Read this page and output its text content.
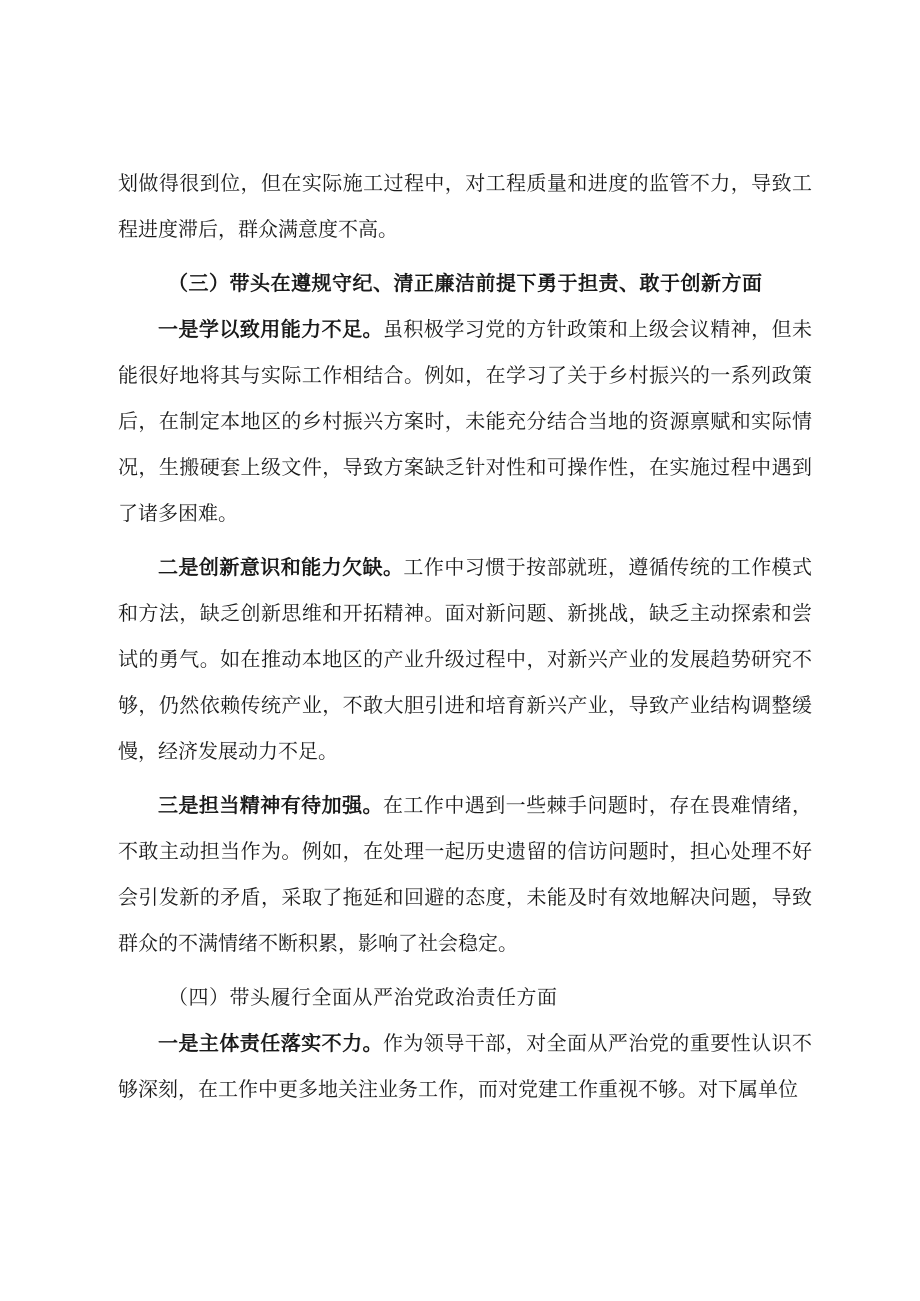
划做得很到位，但在实际施工过程中，对工程质量和进度的监管不力，导致工程进度滞后，群众满意度不高。

（三）带头在遵规守纪、清正廉洁前提下勇于担责、敢于创新方面

一是学以致用能力不足。虽积极学习党的方针政策和上级会议精神，但未能很好地将其与实际工作相结合。例如，在学习了关于乡村振兴的一系列政策后，在制定本地区的乡村振兴方案时，未能充分结合当地的资源禀赋和实际情况，生搬硬套上级文件，导致方案缺乏针对性和可操作性，在实施过程中遇到了诸多困难。

二是创新意识和能力欠缺。工作中习惯于按部就班，遵循传统的工作模式和方法，缺乏创新思维和开拓精神。面对新问题、新挑战，缺乏主动探索和尝试的勇气。如在推动本地区的产业升级过程中，对新兴产业的发展趋势研究不够，仍然依赖传统产业，不敢大胆引进和培育新兴产业，导致产业结构调整缓慢，经济发展动力不足。

三是担当精神有待加强。在工作中遇到一些棘手问题时，存在畏难情绪，不敢主动担当作为。例如，在处理一起历史遗留的信访问题时，担心处理不好会引发新的矛盾，采取了拖延和回避的态度，未能及时有效地解决问题，导致群众的不满情绪不断积累，影响了社会稳定。

（四）带头履行全面从严治党政治责任方面

一是主体责任落实不力。作为领导干部，对全面从严治党的重要性认识不够深刻，在工作中更多地关注业务工作，而对党建工作重视不够。对下属单位
